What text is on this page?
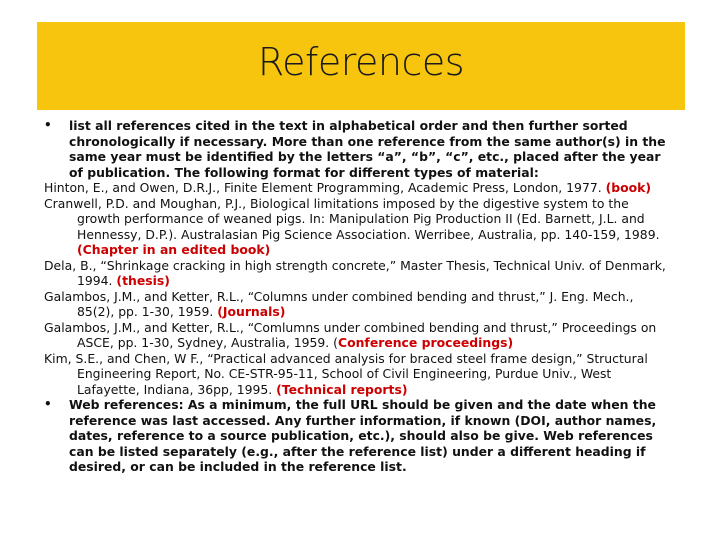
References
• list all references cited in the text in alphabetical order and then further sorted chronologically if necessary. More than one reference from the same author(s) in the same year must be identified by the letters “a”, “b”, “c”, etc., placed after the year of publication. The following format for different types of material:
Hinton, E., and Owen, D.R.J., Finite Element Programming, Academic Press, London, 1977. (book)
Cranwell, P.D. and Moughan, P.J., Biological limitations imposed by the digestive system to the growth performance of weaned pigs. In: Manipulation Pig Production II (Ed. Barnett, J.L. and Hennessy, D.P.). Australasian Pig Science Association. Werribee, Australia, pp. 140-159, 1989. (Chapter in an edited book)
Dela, B., “Shrinkage cracking in high strength concrete,” Master Thesis, Technical Univ. of Denmark, 1994. (thesis)
Galambos, J.M., and Ketter, R.L., “Columns under combined bending and thrust,” J. Eng. Mech., 85(2), pp. 1-30, 1959. (Journals)
Galambos, J.M., and Ketter, R.L., “Comlumns under combined bending and thrust,” Proceedings on ASCE, pp. 1-30, Sydney, Australia, 1959. (Conference proceedings)
Kim, S.E., and Chen, W F., “Practical advanced analysis for braced steel frame design,” Structural Engineering Report, No. CE-STR-95-11, School of Civil Engineering, Purdue Univ., West Lafayette, Indiana, 36pp, 1995. (Technical reports)
• Web references: As a minimum, the full URL should be given and the date when the reference was last accessed. Any further information, if known (DOI, author names, dates, reference to a source publication, etc.), should also be give. Web references can be listed separately (e.g., after the reference list) under a different heading if desired, or can be included in the reference list.
